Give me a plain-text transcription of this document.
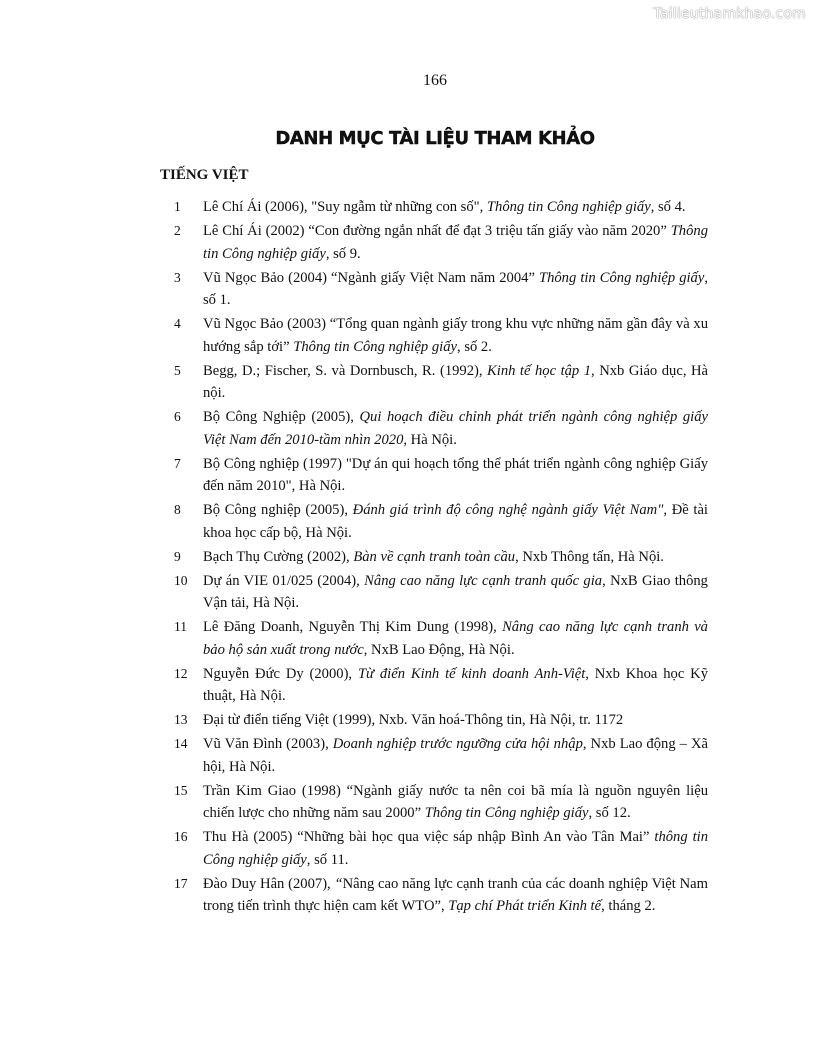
Tailieuthamkhao.com
166
DANH MỤC TÀI LIỆU THAM KHẢO
TIẾNG VIỆT
1	Lê Chí Ái (2006), "Suy ngẫm từ những con số", Thông tin Công nghiệp giấy, số 4.
2	Lê Chí Ái (2002) “Con đường ngắn nhất để đạt 3 triệu tấn giấy vào năm 2020” Thông tin Công nghiệp giấy, số 9.
3	Vũ Ngọc Bảo (2004) “Ngành giấy Việt Nam năm 2004” Thông tin Công nghiệp giấy, số 1.
4	Vũ Ngọc Bảo (2003) “Tổng quan ngành giấy trong khu vực những năm gần đây và xu hướng sắp tới” Thông tin Công nghiệp giấy, số 2.
5	Begg, D.; Fischer, S. và Dornbusch, R. (1992), Kinh tế học tập 1, Nxb Giáo dục, Hà nội.
6	Bộ Công Nghiệp (2005), Qui hoạch điều chỉnh phát triển ngành công nghiệp giấy Việt Nam đến 2010-tầm nhìn 2020, Hà Nội.
7	Bộ Công nghiệp (1997) "Dự án qui hoạch tổng thể phát triển ngành công nghiệp Giấy đến năm 2010", Hà Nội.
8	Bộ Công nghiệp (2005), Đánh giá trình độ công nghệ ngành giấy Việt Nam", Đề tài khoa học cấp bộ, Hà Nội.
9	Bạch Thụ Cường (2002), Bàn về cạnh tranh toàn cầu, Nxb Thông tấn, Hà Nội.
10	Dự án VIE 01/025 (2004), Nâng cao năng lực cạnh tranh quốc gia, NxB Giao thông Vận tải, Hà Nội.
11	Lê Đăng Doanh, Nguyễn Thị Kim Dung (1998), Nâng cao năng lực cạnh tranh và bảo hộ sản xuất trong nước, NxB Lao Động, Hà Nội.
12	Nguyễn Đức Dy (2000), Từ điển Kinh tế kinh doanh Anh-Việt, Nxb Khoa học Kỹ thuật, Hà Nội.
13	Đại từ điển tiếng Việt (1999), Nxb. Văn hoá-Thông tin, Hà Nội, tr. 1172
14	Vũ Văn Đình (2003), Doanh nghiệp trước ngưỡng cửa hội nhập, Nxb Lao động – Xã hội, Hà Nội.
15	Trần Kim Giao (1998) “Ngành giấy nước ta nên coi bã mía là nguồn nguyên liệu chiến lược cho những năm sau 2000” Thông tin Công nghiệp giấy, số 12.
16	Thu Hà (2005) “Những bài học qua việc sáp nhập Bình An vào Tân Mai” thông tin Công nghiệp giấy, số 11.
17	Đào Duy Hân (2007), “Nâng cao năng lực cạnh tranh của các doanh nghiệp Việt Nam trong tiến trình thực hiện cam kết WTO”, Tạp chí Phát triển Kinh tế, tháng 2.
